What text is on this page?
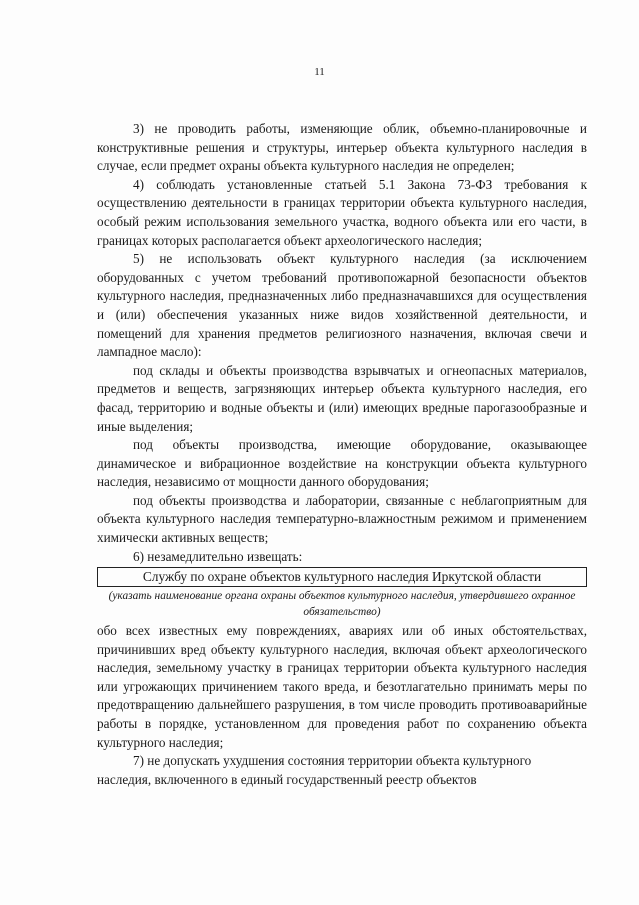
11

3) не проводить работы, изменяющие облик, объемно-планировочные и конструктивные решения и структуры, интерьер объекта культурного наследия в случае, если предмет охраны объекта культурного наследия не определен;

4) соблюдать установленные статьей 5.1 Закона 73-ФЗ требования к осуществлению деятельности в границах территории объекта культурного наследия, особый режим использования земельного участка, водного объекта или его части, в границах которых располагается объект археологического наследия;

5) не использовать объект культурного наследия (за исключением оборудованных с учетом требований противопожарной безопасности объектов культурного наследия, предназначенных либо предназначавшихся для осуществления и (или) обеспечения указанных ниже видов хозяйственной деятельности, и помещений для хранения предметов религиозного назначения, включая свечи и лампадное масло):

под склады и объекты производства взрывчатых и огнеопасных материалов, предметов и веществ, загрязняющих интерьер объекта культурного наследия, его фасад, территорию и водные объекты и (или) имеющих вредные парогазообразные и иные выделения;

под объекты производства, имеющие оборудование, оказывающее динамическое и вибрационное воздействие на конструкции объекта культурного наследия, независимо от мощности данного оборудования;

под объекты производства и лаборатории, связанные с неблагоприятным для объекта культурного наследия температурно-влажностным режимом и применением химически активных веществ;

6) незамедлительно извещать:

Службу по охране объектов культурного наследия Иркутской области
(указать наименование органа охраны объектов культурного наследия, утвердившего охранное обязательство)

обо всех известных ему повреждениях, авариях или об иных обстоятельствах, причинивших вред объекту культурного наследия, включая объект археологического наследия, земельному участку в границах территории объекта культурного наследия или угрожающих причинением такого вреда, и безотлагательно принимать меры по предотвращению дальнейшего разрушения, в том числе проводить противоаварийные работы в порядке, установленном для проведения работ по сохранению объекта культурного наследия;

7) не допускать ухудшения состояния территории объекта культурного

наследия, включенного в единый государственный реестр объектов
